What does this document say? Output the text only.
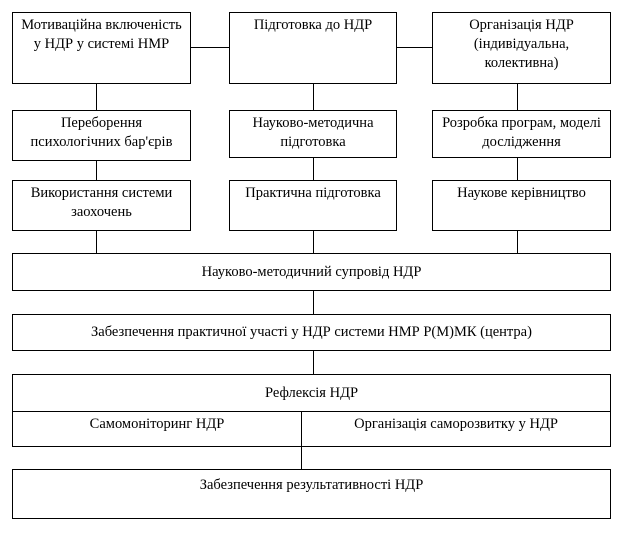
Мотиваційна включеність у НДР у системі НМР
Підготовка до НДР	Організація НДР (індивідуальна, колективна)
Переборення психологічних бар'єрів
Науково-методична підготовка
Розробка програм, моделі дослідження
Використання системи заохочень
Практична підготовка	Наукове керівництво
Науково-методичний супровід НДР
Забезпечення практичної участі у НДР системи НМР Р(М)МК (центра)
Рефлексія НДР
Самомоніторинг НДР	Організація саморозвитку у НДР
Забезпечення результативності НДР
